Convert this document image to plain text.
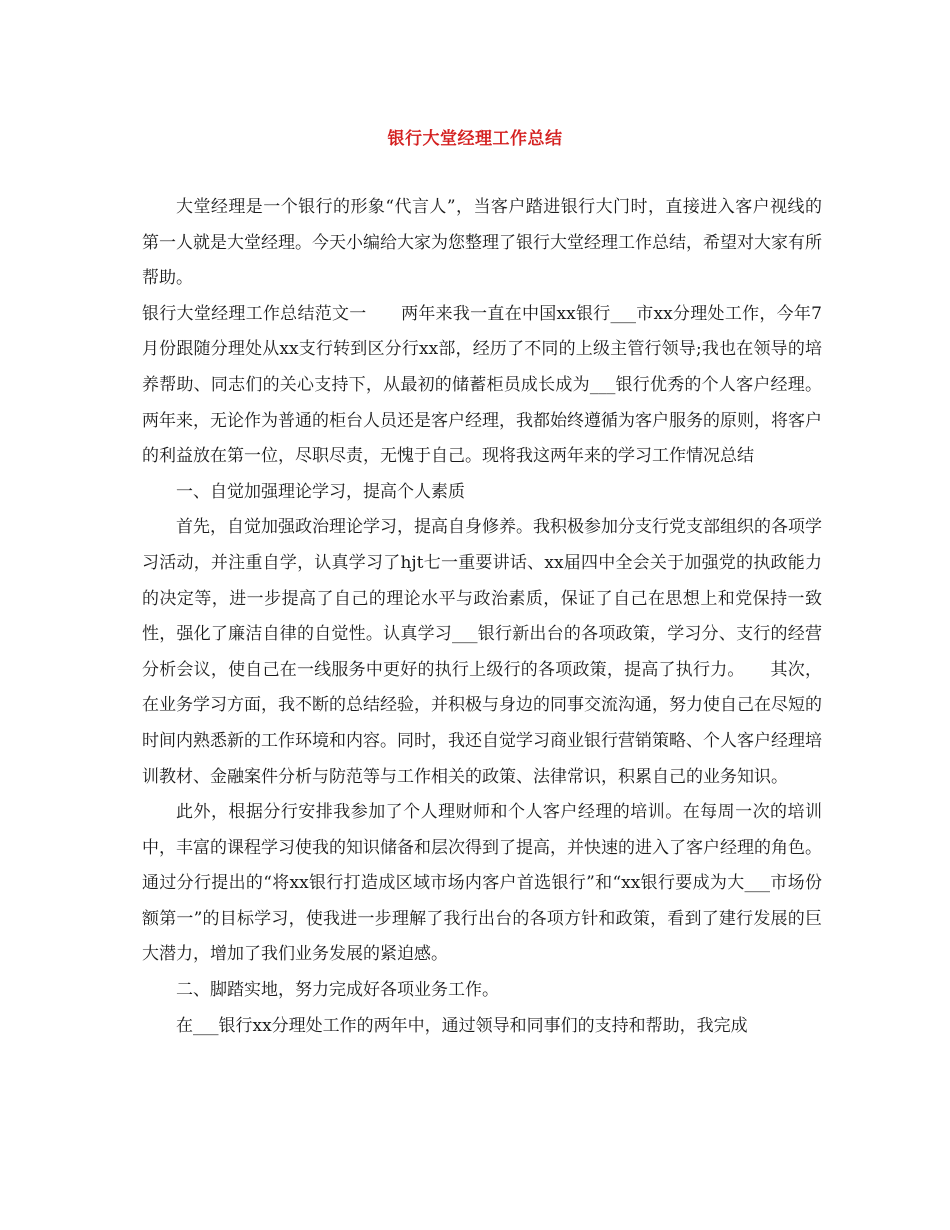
银行大堂经理工作总结

大堂经理是一个银行的形象“代言人”，当客户踏进银行大门时，直接进入客户视线的第一人就是大堂经理。今天小编给大家为您整理了银行大堂经理工作总结，希望对大家有所帮助。

银行大堂经理工作总结范文一　　两年来我一直在中国xx银行___市xx分理处工作，今年7月份跟随分理处从xx支行转到区分行xx部，经历了不同的上级主管行领导;我也在领导的培养帮助、同志们的关心支持下，从最初的储蓄柜员成长成为___银行优秀的个人客户经理。两年来，无论作为普通的柜台人员还是客户经理，我都始终遵循为客户服务的原则，将客户的利益放在第一位，尽职尽责，无愧于自己。现将我这两年来的学习工作情况总结

一、自觉加强理论学习，提高个人素质

首先，自觉加强政治理论学习，提高自身修养。我积极参加分支行党支部组织的各项学习活动，并注重自学，认真学习了hjt七一重要讲话、xx届四中全会关于加强党的执政能力的决定等，进一步提高了自己的理论水平与政治素质，保证了自己在思想上和党保持一致性，强化了廉洁自律的自觉性。认真学习___银行新出台的各项政策，学习分、支行的经营分析会议，使自己在一线服务中更好的执行上级行的各项政策，提高了执行力。　　其次，在业务学习方面，我不断的总结经验，并积极与身边的同事交流沟通，努力使自己在尽短的时间内熟悉新的工作环境和内容。同时，我还自觉学习商业银行营销策略、个人客户经理培训教材、金融案件分析与防范等与工作相关的政策、法律常识，积累自己的业务知识。

此外，根据分行安排我参加了个人理财师和个人客户经理的培训。在每周一次的培训中，丰富的课程学习使我的知识储备和层次得到了提高，并快速的进入了客户经理的角色。通过分行提出的“将xx银行打造成区域市场内客户首选银行”和“xx银行要成为大___市场份额第一”的目标学习，使我进一步理解了我行出台的各项方针和政策，看到了建行发展的巨大潜力，增加了我们业务发展的紧迫感。

二、脚踏实地，努力完成好各项业务工作。

在___银行xx分理处工作的两年中，通过领导和同事们的支持和帮助，我完成
